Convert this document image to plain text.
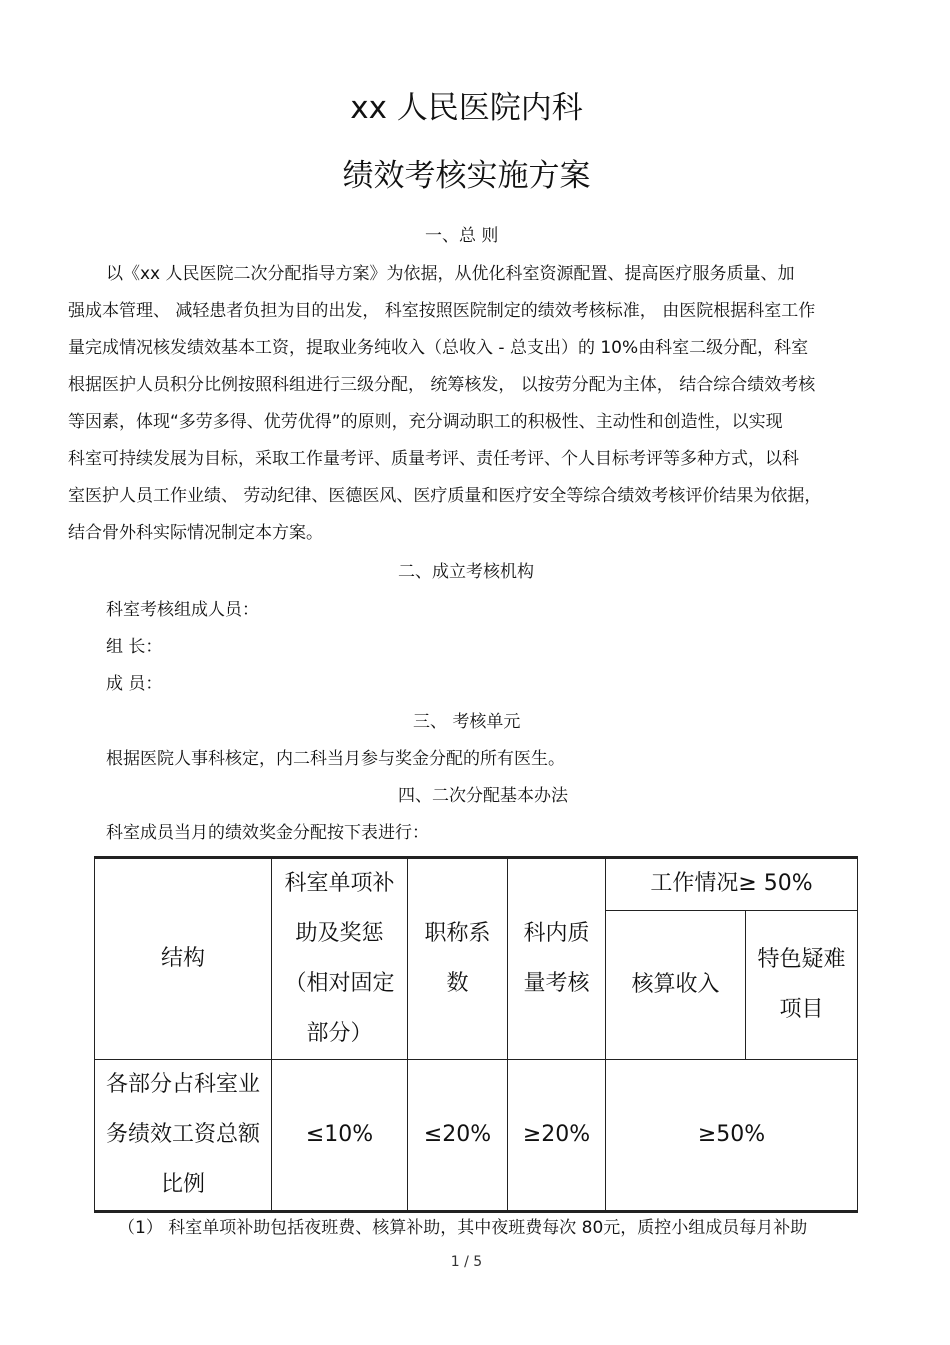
xx 人民医院内科
绩效考核实施方案
一、总 则
以《xx 人民医院二次分配指导方案》为依据，从优化科室资源配置、提高医疗服务质量、加
强成本管理、 减轻患者负担为目的出发， 科室按照医院制定的绩效考核标准， 由医院根据科室工作
量完成情况核发绩效基本工资，提取业务纯收入（总收入 - 总支出）的 10%由科室二级分配，科室
根据医护人员积分比例按照科组进行三级分配， 统筹核发， 以按劳分配为主体， 结合综合绩效考核
等因素，体现“多劳多得、优劳优得”的原则，充分调动职工的积极性、主动性和创造性，以实现
科室可持续发展为目标，采取工作量考评、质量考评、责任考评、个人目标考评等多种方式，以科
室医护人员工作业绩、 劳动纪律、医德医风、医疗质量和医疗安全等综合绩效考核评价结果为依据，
结合骨外科实际情况制定本方案。
二、成立考核机构
科室考核组成人员：
组 长：
成 员：
三、 考核单元
根据医院人事科核定，内二科当月参与奖金分配的所有医生。
四、二次分配基本办法
科室成员当月的绩效奖金分配按下表进行：
结构	科室单项补助及奖惩（相对固定部分）	职称系数	科内质量考核	工作情况≥ 50%	
				核算收入	特色疑难项目
各部分占科室业务绩效工资总额比例	≤10%	≤20%	≥20%	≥50%	
（1） 科室单项补助包括夜班费、核算补助，其中夜班费每次 80元，质控小组成员每月补助
1 / 5
